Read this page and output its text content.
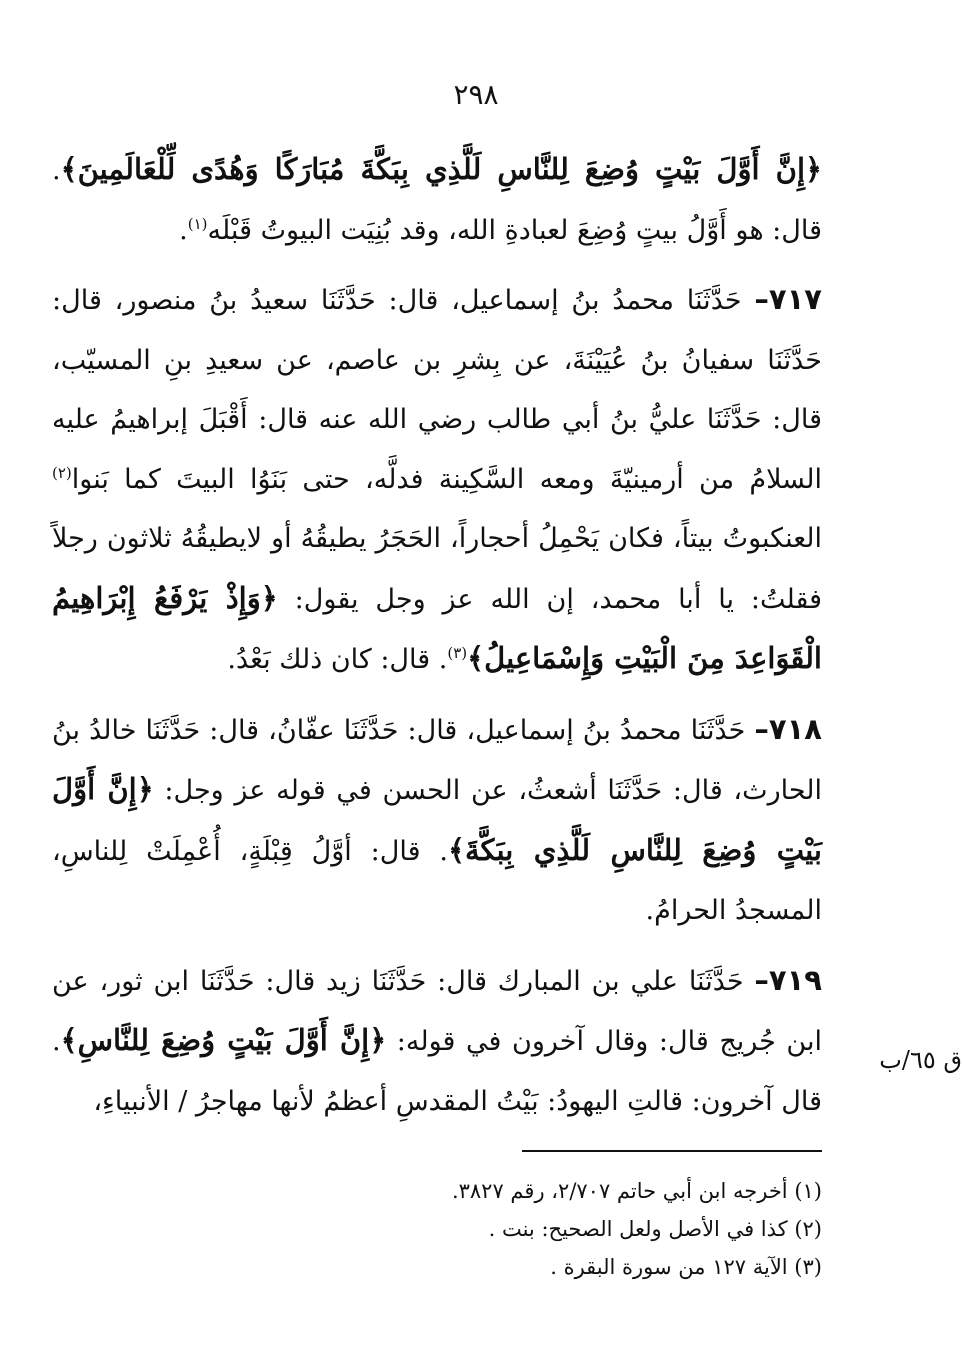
٢٩٨

﴿إِنَّ أَوَّلَ بَيْتٍ وُضِعَ لِلنَّاسِ لَلَّذِي بِبَكَّةَ مُبَارَكًا وَهُدًى لِّلْعَالَمِينَ﴾. قال: هو أَوَّلُ بيتٍ وُضِعَ لعبادةِ الله، وقد بُنِيَت البيوتُ قَبْلَه$^{(١)}$.

٧١٧– حَدَّثَنَا محمدُ بنُ إسماعيل، قال: حَدَّثَنَا سعيدُ بنُ منصور، قال: حَدَّثَنَا سفيانُ بنُ عُيَيْنَةَ، عن بِشرِ بن عاصم، عن سعيدِ بنِ المسيّب، قال: حَدَّثَنَا عليُّ بنُ أبي طالب رضي الله عنه قال: أَقْبَلَ إبراهيمُ عليه السلامُ من أرمينيّةَ ومعه السَّكِينة فدلَّه، حتى بَنَوُا البيتَ كما بَنوا$^{(٢)}$ العنكبوتُ بيتاً، فكان يَحْمِلُ أحجاراً، الحَجَرُ يطيقُهُ أو لايطيقُهُ ثلاثون رجلاً فقلتُ: يا أبا محمد، إن الله عز وجل يقول: ﴿وَإِذْ يَرْفَعُ إِبْرَاهِيمُ الْقَوَاعِدَ مِنَ الْبَيْتِ وَإِسْمَاعِيلُ﴾$^{(٣)}$. قال: كان ذلك بَعْدُ.

٧١٨– حَدَّثَنَا محمدُ بنُ إسماعيل، قال: حَدَّثَنَا عفّانُ، قال: حَدَّثَنَا خالدُ بنُ الحارث، قال: حَدَّثَنَا أشعثُ، عن الحسن في قوله عز وجل: ﴿إِنَّ أَوَّلَ بَيْتٍ وُضِعَ لِلنَّاسِ لَلَّذِي بِبَكَّةَ﴾. قال: أوَّلُ قِبْلَةٍ، أُعْمِلَتْ لِلناسِ، المسجدُ الحرامُ.

٧١٩– حَدَّثَنَا علي بن المبارك قال: حَدَّثَنَا زيد قال: حَدَّثَنَا ابن ثور، عن ابن جُريج قال: وقال آخرون في قوله: ﴿إِنَّ أَوَّلَ بَيْتٍ وُضِعَ لِلنَّاسِ﴾. قال آخرون: قالتِ اليهودُ: بَيْتُ المقدسِ أعظمُ لأنها مهاجرُ / الأنبياءِ،

ق ٦٥/ب
(١) أخرجه ابن أبي حاتم ٢/٧٠٧، رقم ٣٨٢٧.
(٢) كذا في الأصل ولعل الصحيح: بنت .
(٣) الآية ١٢٧ من سورة البقرة .
